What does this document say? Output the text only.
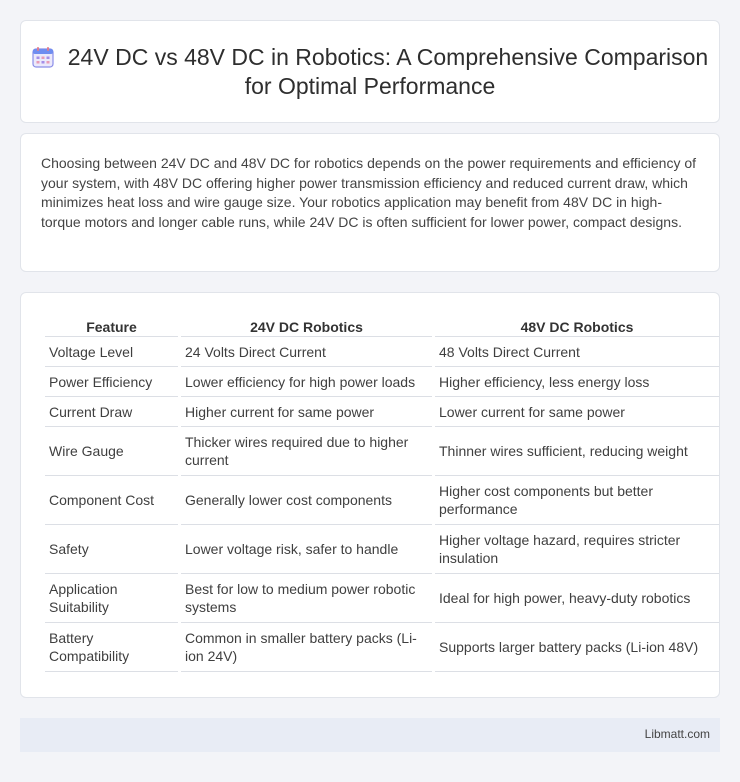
24V DC vs 48V DC in Robotics: A Comprehensive Comparison for Optimal Performance

Choosing between 24V DC and 48V DC for robotics depends on the power requirements and efficiency of your system, with 48V DC offering higher power transmission efficiency and reduced current draw, which minimizes heat loss and wire gauge size. Your robotics application may benefit from 48V DC in high-torque motors and longer cable runs, while 24V DC is often sufficient for lower power, compact designs.

Feature	24V DC Robotics	48V DC Robotics
Voltage Level	24 Volts Direct Current	48 Volts Direct Current
Power Efficiency	Lower efficiency for high power loads	Higher efficiency, less energy loss
Current Draw	Higher current for same power	Lower current for same power
Wire Gauge	Thicker wires required due to higher current	Thinner wires sufficient, reducing weight
Component Cost	Generally lower cost components	Higher cost components but better performance
Safety	Lower voltage risk, safer to handle	Higher voltage hazard, requires stricter insulation
Application Suitability	Best for low to medium power robotic systems	Ideal for high power, heavy-duty robotics
Battery Compatibility	Common in smaller battery packs (Li-ion 24V)	Supports larger battery packs (Li-ion 48V)
Libmatt.com
